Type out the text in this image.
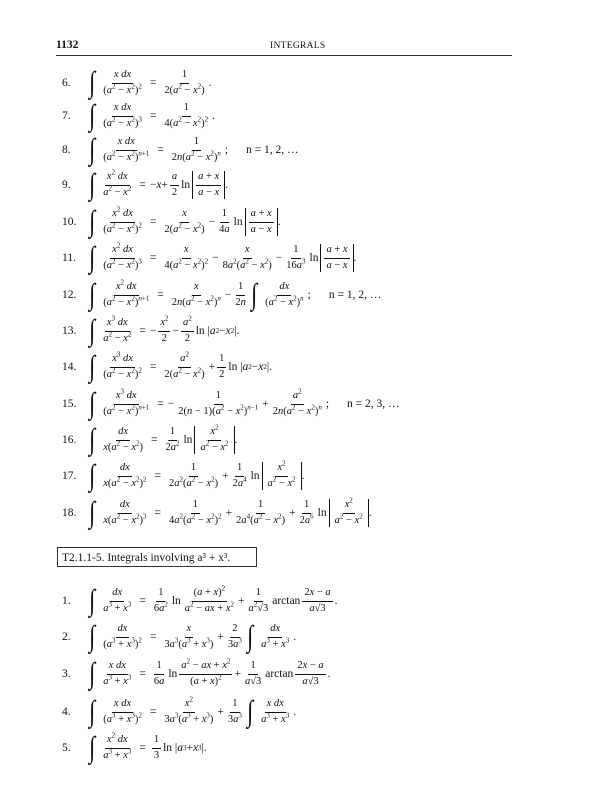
1132	INTEGRALS
6. ∫ $\frac{\text{x dx}}{(a^2 - x^2)^2} = \frac{1}{2(a^2 - x^2)}$ .
7. ∫ $\frac{\text{x dx}}{(a^2 - x^2)^3} = \frac{1}{4(a^2 - x^2)^2}$ .
8. ∫ $\frac{\text{x dx}}{(a^2 - x^2)^{n+1}} = \frac{1}{2n(a^2 - x^2)^n}$ ; n = 1, 2, …
9. ∫ $\frac{x^2 dx}{a^2 - x^2}$ = − $x + \frac{a}{2}$ $\ln \frac{a + x}{a - x}$ .
10. ∫ $\frac{x^2 dx}{(a^2 - x^2)^2} = \frac{x}{2(a^2 - x^2)} - \frac{1}{4a}$ $\ln \frac{a + x}{a - x}$ .
11. ∫ $\frac{x^2 dx}{(a^2 - x^2)^3} = \frac{x}{4(a^2 - x^2)^2} - \frac{x}{8a^2(a^2 - x^2)} - \frac{1}{16a^3}$ $\ln \frac{a + x}{a - x}$ .
12. ∫ $\frac{x^2 dx}{(a^2 - x^2)^{n+1}} = \frac{x}{2n(a^2 - x^2)^n} - \frac{1}{2n}$ ∫ $\frac{dx}{(a^2 - x^2)^n}$ ; n = 1, 2, …
13. ∫ $\frac{x^3 dx}{a^2 - x^2}$ = − $\frac{x^2}{2} - \frac{a^2}{2}$ ln | a 2 − x 2 |.
14. ∫ $\frac{x^3 dx}{(a^2 - x^2)^2} = \frac{a^2}{2(a^2 - x^2)} + \frac{1}{2}$ ln | a 2 − x 2 |.
15. ∫ $\frac{x^3 dx}{(a^2 - x^2)^{n+1}}$ = − $\frac{1}{2(n - 1)(a^2 - x^2)^{n-1}} + \frac{a^2}{2n(a^2 - x^2)^n}$ ; n = 2, 3, …
16. ∫ $\frac{dx}{x(a^2 - x^2)} = \frac{1}{2a^2}$ $\ln \frac{x^2}{a^2 - x^2}$ .
17. ∫ $\frac{dx}{x(a^2 - x^2)^2} = \frac{1}{2a^2(a^2 - x^2)} + \frac{1}{2a^4}$ $\ln \frac{x^2}{a^2 - x^2}$ .
18. ∫ $\frac{dx}{x(a^2 - x^2)^3} = \frac{1}{4a^2(a^2 - x^2)^2} + \frac{1}{2a^4(a^2 - x^2)} + \frac{1}{2a^6}$ $\ln \frac{x^2}{a^2 - x^2}$ .
T2.1.1-5. Integrals involving a³ + x³.
1. ∫ $\frac{dx}{a^3 + x^3} = \frac{1}{6a^2}$ $\ln \frac{(a + x)^2}{a^2 - ax + x^2} + \frac{1}{a^2√3}$ $\arctan \frac{2x - a}{a√3}$ .
2. ∫ $\frac{dx}{(a^3 + x^3)^2} = \frac{x}{3a^3(a^3 + x^3)} + \frac{2}{3a^3}$ ∫ $\frac{dx}{a^3 + x^3}$ .
3. ∫ $\frac{\text{x dx}}{a^3 + x^3} = \frac{1}{6a}$ $\ln \frac{a^2 - ax + x^2}{(a + x)^2} + \frac{1}{a√3}$ $\arctan \frac{2x - a}{a√3}$ .
4. ∫ $\frac{\text{x dx}}{(a^3 + x^3)^2} = \frac{x^2}{3a^3(a^3 + x^3)} + \frac{1}{3a^3}$ ∫ $\frac{\text{x dx}}{a^3 + x^3}$ .
5. ∫ $\frac{x^2 dx}{a^3 + x^3} = \frac{1}{3}$ ln | a 3 + x 3 |.
